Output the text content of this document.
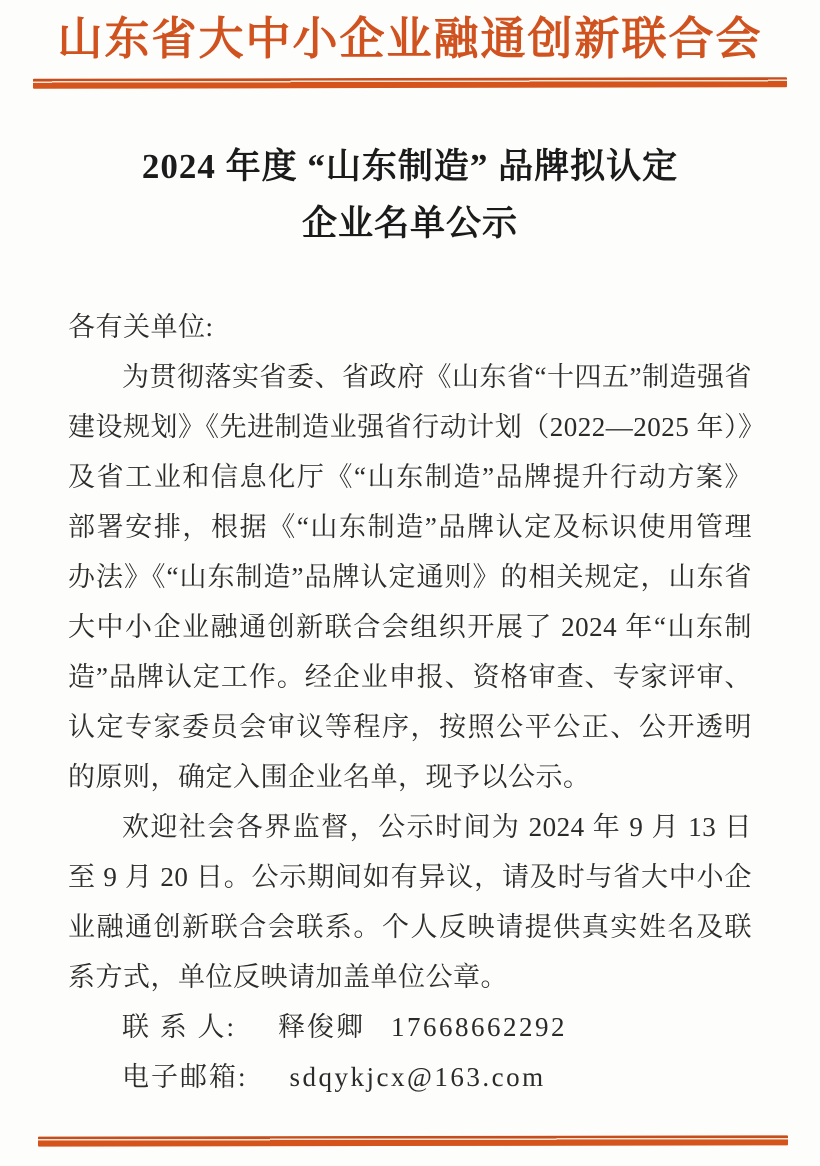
山东省大中小企业融通创新联合会
2024 年度 “山东制造” 品牌拟认定
企业名单公示

各有关单位:

为贯彻落实省委、省政府《山东省“十四五”制造强省建设规划》《先进制造业强省行动计划（2022—2025 年）》及省工业和信息化厅《“山东制造”品牌提升行动方案》部署安排，根据《“山东制造”品牌认定及标识使用管理办法》《“山东制造”品牌认定通则》的相关规定，山东省大中小企业融通创新联合会组织开展了 2024 年“山东制造”品牌认定工作。经企业申报、资格审查、专家评审、认定专家委员会审议等程序，按照公平公正、公开透明的原则，确定入围企业名单，现予以公示。

欢迎社会各界监督，公示时间为 2024 年 9 月 13 日至 9 月 20 日。公示期间如有异议，请及时与省大中小企业融通创新联合会联系。个人反映请提供真实姓名及联系方式，单位反映请加盖单位公章。

联 系 人: 释俊卿 17668662292
电子邮箱: sdqykjcx@163.com
